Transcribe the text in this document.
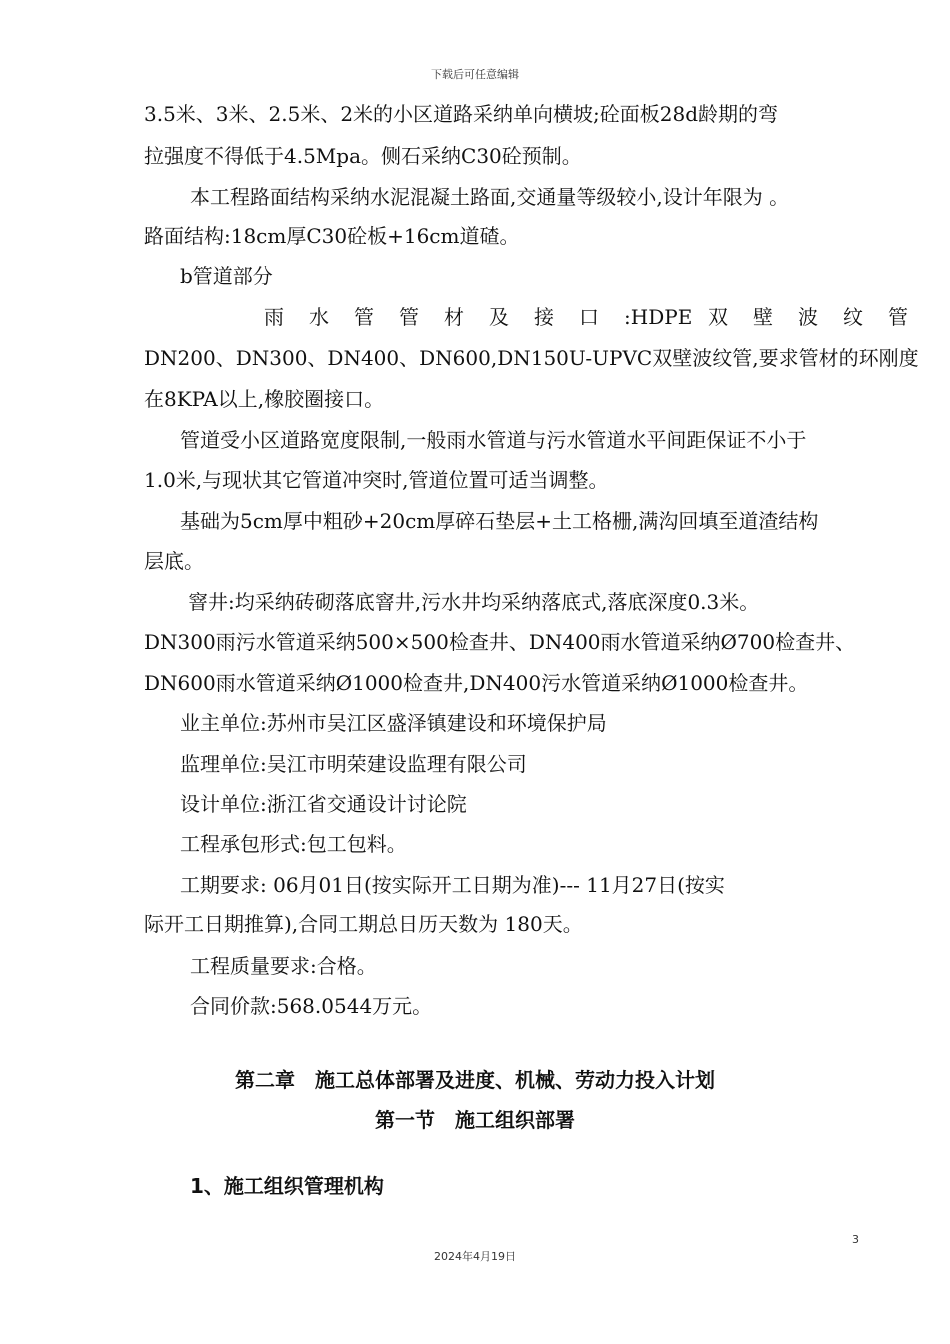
下载后可任意编辑
3.5米、3米、2.5米、2米的小区道路采纳单向横坡;砼面板28d龄期的弯
拉强度不得低于4.5Mpa。侧石采纳C30砼预制。
本工程路面结构采纳水泥混凝土路面,交通量等级较小,设计年限为 。
路面结构:18cm厚C30砼板+16cm道碴。
b管道部分
雨 水 管 管 材 及 接 口 :HDPE 双 壁 波 纹 管
DN200、DN300、DN400、DN600,DN150U-UPVC双壁波纹管,要求管材的环刚度
在8KPA以上,橡胶圈接口。
管道受小区道路宽度限制,一般雨水管道与污水管道水平间距保证不小于
1.0米,与现状其它管道冲突时,管道位置可适当调整。
基础为5cm厚中粗砂+20cm厚碎石垫层+土工格栅,满沟回填至道渣结构
层底。
窨井:均采纳砖砌落底窨井,污水井均采纳落底式,落底深度0.3米。
DN300雨污水管道采纳500×500检查井、DN400雨水管道采纳Ø700检查井、
DN600雨水管道采纳Ø1000检查井,DN400污水管道采纳Ø1000检查井。
业主单位:苏州市吴江区盛泽镇建设和环境保护局
监理单位:吴江市明荣建设监理有限公司
设计单位:浙江省交通设计讨论院
工程承包形式:包工包料。
工期要求: 06月01日(按实际开工日期为准)--- 11月27日(按实
际开工日期推算),合同工期总日历天数为 180天。
工程质量要求:合格。
合同价款:568.0544万元。
第二章　施工总体部署及进度、机械、劳动力投入计划
第一节　施工组织部署
1、施工组织管理机构
3
2024年4月19日
